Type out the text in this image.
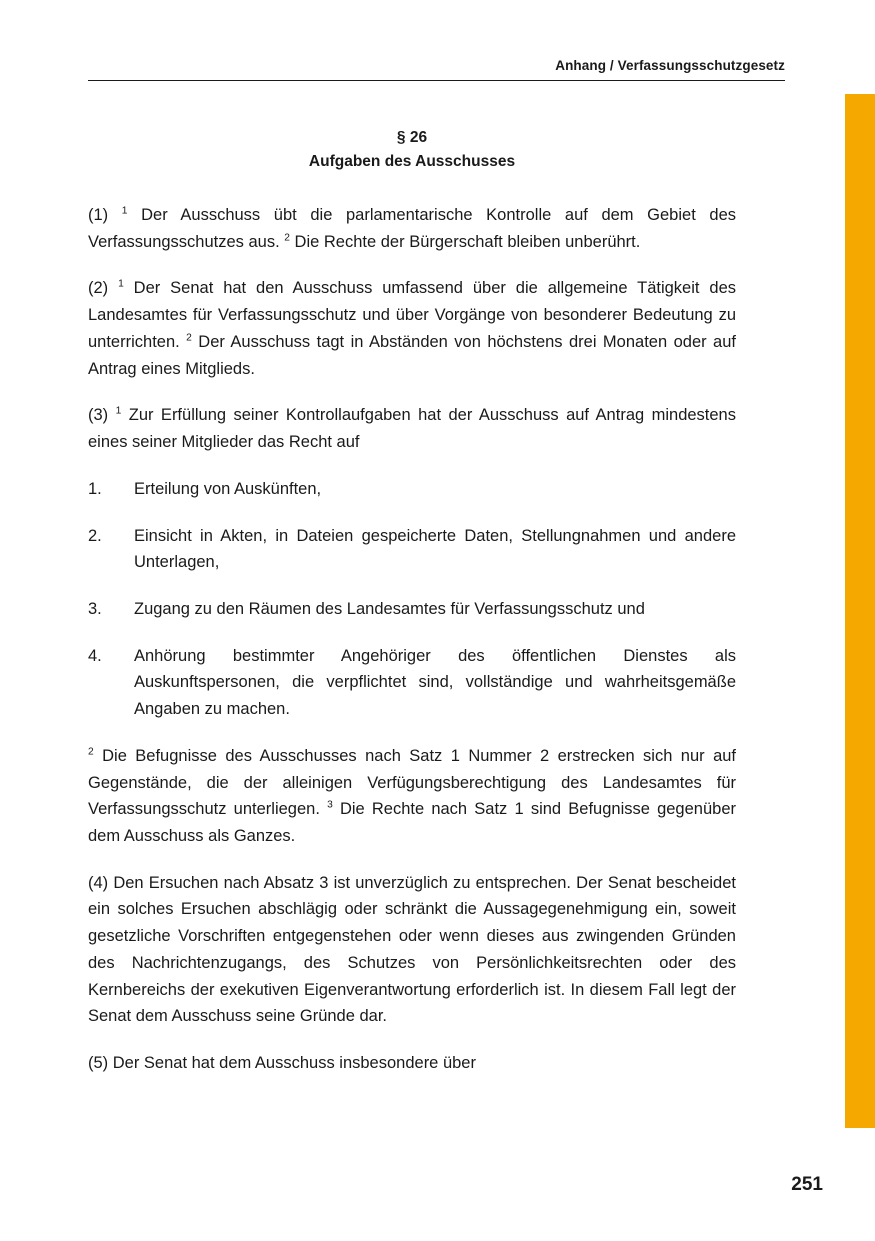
Anhang / Verfassungsschutzgesetz
§ 26
Aufgaben des Ausschusses

(1) $^1$ Der Ausschuss übt die parlamentarische Kontrolle auf dem Gebiet des Verfassungsschutzes aus. $^2$ Die Rechte der Bürgerschaft bleiben unberührt.

(2) $^1$ Der Senat hat den Ausschuss umfassend über die allgemeine Tätigkeit des Landesamtes für Verfassungsschutz und über Vorgänge von besonderer Bedeutung zu unterrichten. $^2$ Der Ausschuss tagt in Abständen von höchstens drei Monaten oder auf Antrag eines Mitglieds.

(3) $^1$ Zur Erfüllung seiner Kontrollaufgaben hat der Ausschuss auf Antrag mindestens eines seiner Mitglieder das Recht auf

1.	Erteilung von Auskünften,
2.	Einsicht in Akten, in Dateien gespeicherte Daten, Stellungnahmen und andere Unterlagen,
3.	Zugang zu den Räumen des Landesamtes für Verfassungsschutz und
4.	Anhörung bestimmter Angehöriger des öffentlichen Dienstes als Auskunftspersonen, die verpflichtet sind, vollständige und wahrheitsgemäße Angaben zu machen.

$^2$ Die Befugnisse des Ausschusses nach Satz 1 Nummer 2 erstrecken sich nur auf Gegenstände, die der alleinigen Verfügungsberechtigung des Landesamtes für Verfassungsschutz unterliegen. $^3$ Die Rechte nach Satz 1 sind Befugnisse gegenüber dem Ausschuss als Ganzes.

(4) Den Ersuchen nach Absatz 3 ist unverzüglich zu entsprechen. Der Senat bescheidet ein solches Ersuchen abschlägig oder schränkt die Aussagegenehmigung ein, soweit gesetzliche Vorschriften entgegenstehen oder wenn dieses aus zwingenden Gründen des Nachrichtenzugangs, des Schutzes von Persönlichkeitsrechten oder des Kernbereichs der exekutiven Eigenverantwortung erforderlich ist. In diesem Fall legt der Senat dem Ausschuss seine Gründe dar.

(5) Der Senat hat dem Ausschuss insbesondere über

251
